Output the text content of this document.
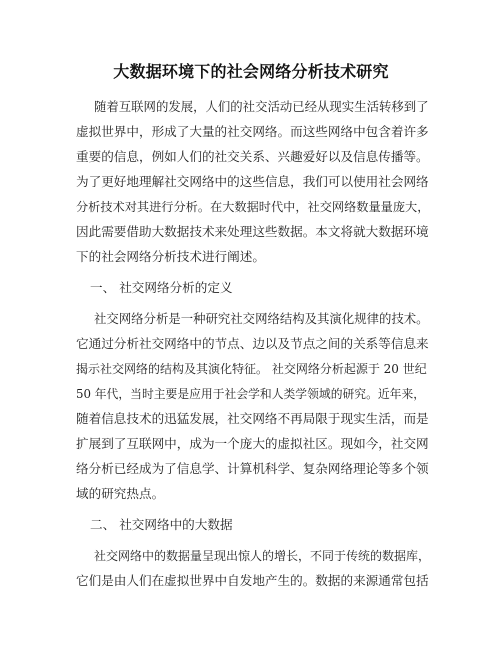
大数据环境下的社会网络分析技术研究
随着互联网的发展，人们的社交活动已经从现实生活转移到了
虚拟世界中，形成了大量的社交网络。而这些网络中包含着许多
重要的信息，例如人们的社交关系、兴趣爱好以及信息传播等。
为了更好地理解社交网络中的这些信息，我们可以使用社会网络
分析技术对其进行分析。在大数据时代中，社交网络数量量庞大，
因此需要借助大数据技术来处理这些数据。本文将就大数据环境
下的社会网络分析技术进行阐述。
一、 社交网络分析的定义
社交网络分析是一种研究社交网络结构及其演化规律的技术。
它通过分析社交网络中的节点、边以及节点之间的关系等信息来
揭示社交网络的结构及其演化特征。 社交网络分析起源于 20 世纪
50 年代，当时主要是应用于社会学和人类学领域的研究。近年来，
随着信息技术的迅猛发展，社交网络不再局限于现实生活，而是
扩展到了互联网中，成为一个庞大的虚拟社区。现如今，社交网
络分析已经成为了信息学、计算机科学、复杂网络理论等多个领
域的研究热点。
二、 社交网络中的大数据
社交网络中的数据量呈现出惊人的增长，不同于传统的数据库，
它们是由人们在虚拟世界中自发地产生的。数据的来源通常包括
